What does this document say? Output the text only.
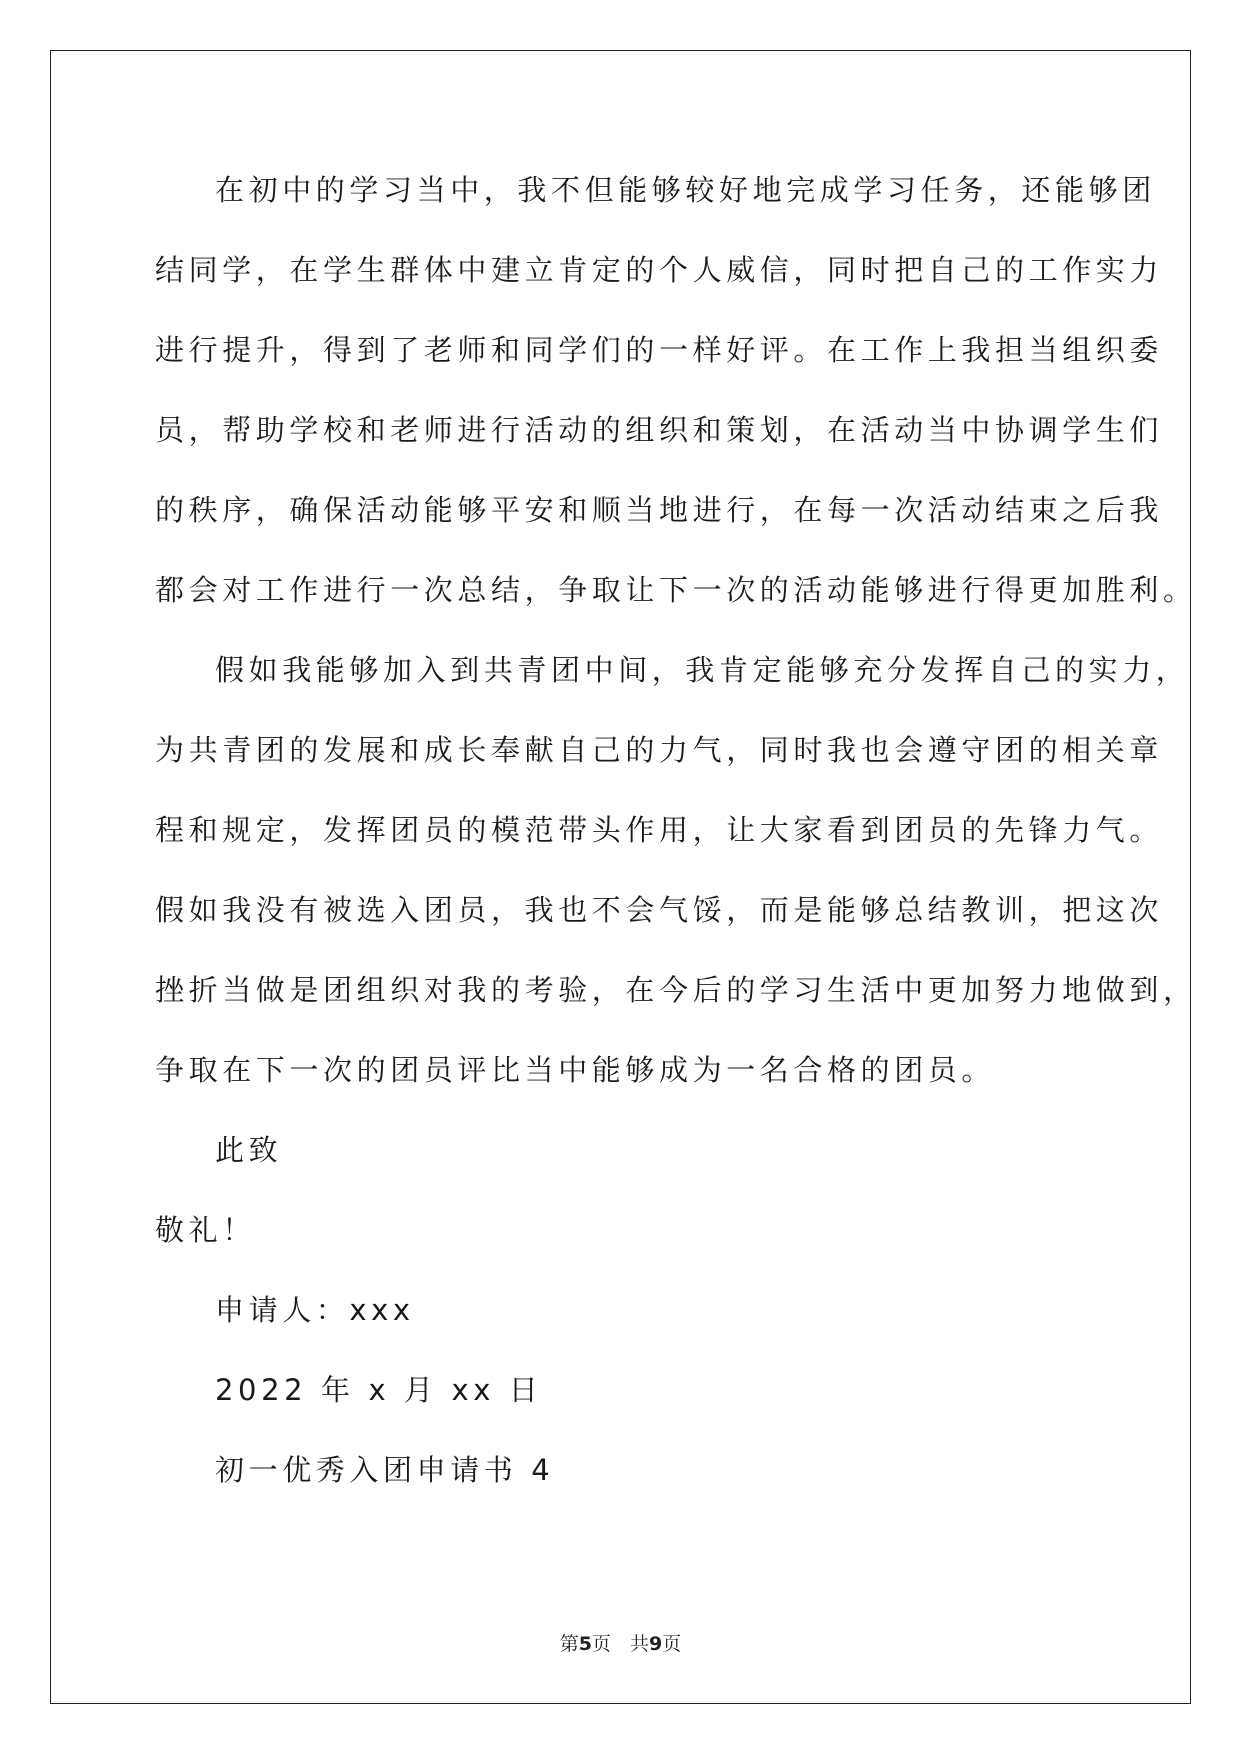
在初中的学习当中，我不但能够较好地完成学习任务，还能够团
结同学，在学生群体中建立肯定的个人威信，同时把自己的工作实力
进行提升，得到了老师和同学们的一样好评。在工作上我担当组织委
员，帮助学校和老师进行活动的组织和策划，在活动当中协调学生们
的秩序，确保活动能够平安和顺当地进行，在每一次活动结束之后我
都会对工作进行一次总结，争取让下一次的活动能够进行得更加胜利。
假如我能够加入到共青团中间，我肯定能够充分发挥自己的实力，
为共青团的发展和成长奉献自己的力气，同时我也会遵守团的相关章
程和规定，发挥团员的模范带头作用，让大家看到团员的先锋力气。
假如我没有被选入团员，我也不会气馁，而是能够总结教训，把这次
挫折当做是团组织对我的考验，在今后的学习生活中更加努力地做到，
争取在下一次的团员评比当中能够成为一名合格的团员。
此致
敬礼！
申请人：xxx
2022 年 x 月 xx 日
初一优秀入团申请书 4
第5页　共9页
